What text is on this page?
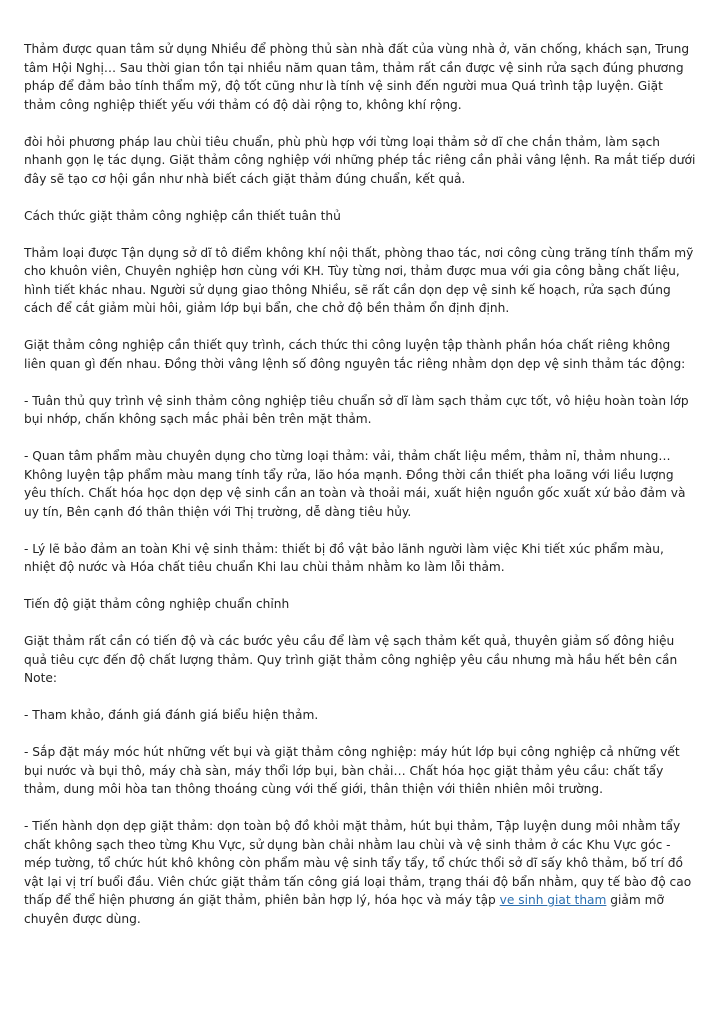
Thảm được quan tâm sử dụng Nhiều để phòng thủ sàn nhà đất của vùng nhà ở, văn chống, khách sạn, Trung tâm Hội Nghị… Sau thời gian tồn tại nhiều năm quan tâm, thảm rất cần được vệ sinh rửa sạch đúng phương pháp để đảm bảo tính thẩm mỹ, độ tốt cũng như là tính vệ sinh đến người mua Quá trình tập luyện. Giặt thảm công nghiệp thiết yếu với thảm có độ dài rộng to, không khí rộng.

đòi hỏi phương pháp lau chùi tiêu chuẩn, phù phù hợp với từng loại thảm sở dĩ che chắn thảm, làm sạch nhanh gọn lẹ tác dụng. Giặt thảm công nghiệp với những phép tắc riêng cần phải vâng lệnh. Ra mắt tiếp dưới đây sẽ tạo cơ hội gần như nhà biết cách giặt thảm đúng chuẩn, kết quả.

Cách thức giặt thảm công nghiệp cần thiết tuân thủ

Thảm loại được Tận dụng sở dĩ tô điểm không khí nội thất, phòng thao tác, nơi công cùng trăng tính thẩm mỹ cho khuôn viên, Chuyên nghiệp hơn cùng với KH. Tùy từng nơi, thảm được mua với gia công bằng chất liệu, hình tiết khác nhau. Người sử dụng giao thông Nhiều, sẽ rất cần dọn dẹp vệ sinh kế hoạch, rửa sạch đúng cách để cắt giảm mùi hôi, giảm lớp bụi bẩn, che chở độ bền thảm ổn định định.

Giặt thảm công nghiệp cần thiết quy trình, cách thức thi công luyện tập thành phần hóa chất riêng không liên quan gì đến nhau. Đồng thời vâng lệnh số đông nguyên tắc riêng nhằm dọn dẹp vệ sinh thảm tác động:

- Tuân thủ quy trình vệ sinh thảm công nghiệp tiêu chuẩn sở dĩ làm sạch thảm cực tốt, vô hiệu hoàn toàn lớp bụi nhớp, chấn không sạch mắc phải bên trên mặt thảm.

- Quan tâm phẩm màu chuyên dụng cho từng loại thảm: vải, thảm chất liệu mềm, thảm nỉ, thảm nhung… Không luyện tập phẩm màu mang tính tẩy rửa, lão hóa mạnh. Đồng thời cần thiết pha loãng với liều lượng yêu thích. Chất hóa học dọn dẹp vệ sinh cần an toàn và thoải mái, xuất hiện nguồn gốc xuất xứ bảo đảm và uy tín, Bên cạnh đó thân thiện với Thị trường, dễ dàng tiêu hủy.

- Lý lẽ bảo đảm an toàn Khi vệ sinh thảm: thiết bị đồ vật bảo lãnh người làm việc Khi tiết xúc phẩm màu, nhiệt độ nước và Hóa chất tiêu chuẩn Khi lau chùi thảm nhằm ko làm lỗi thảm.

Tiến độ giặt thảm công nghiệp chuẩn chỉnh

Giặt thảm rất cần có tiến độ và các bước yêu cầu để làm vệ sạch thảm kết quả, thuyên giảm số đông hiệu quả tiêu cực đến độ chất lượng thảm. Quy trình giặt thảm công nghiệp yêu cầu nhưng mà hầu hết bên cần Note:

- Tham khảo, đánh giá đánh giá biểu hiện thảm.

- Sắp đặt máy móc hút những vết bụi và giặt thảm công nghiệp: máy hút lớp bụi công nghiệp cả những vết bụi nước và bụi thô, máy chà sàn, máy thổi lớp bụi, bàn chải… Chất hóa học giặt thảm yêu cầu: chất tẩy thảm, dung môi hòa tan thông thoáng cùng với thế giới, thân thiện với thiên nhiên môi trường.

- Tiến hành dọn dẹp giặt thảm: dọn toàn bộ đồ khỏi mặt thảm, hút bụi thảm, Tập luyện dung môi nhằm tẩy chất không sạch theo từng Khu Vực, sử dụng bàn chải nhằm lau chùi và vệ sinh thảm ở các Khu Vực góc - mép tường, tổ chức hút khô không còn phẩm màu vệ sinh tẩy tẩy, tổ chức thổi sở dĩ sấy khô thảm, bố trí đồ vật lại vị trí buổi đầu. Viên chức giặt thảm tấn công giá loại thảm, trạng thái độ bẩn nhằm, quy tế bào độ cao thấp để thể hiện phương án giặt thảm, phiên bản hợp lý, hóa học và máy tập ve sinh giat tham giảm mỡ chuyên được dùng.
